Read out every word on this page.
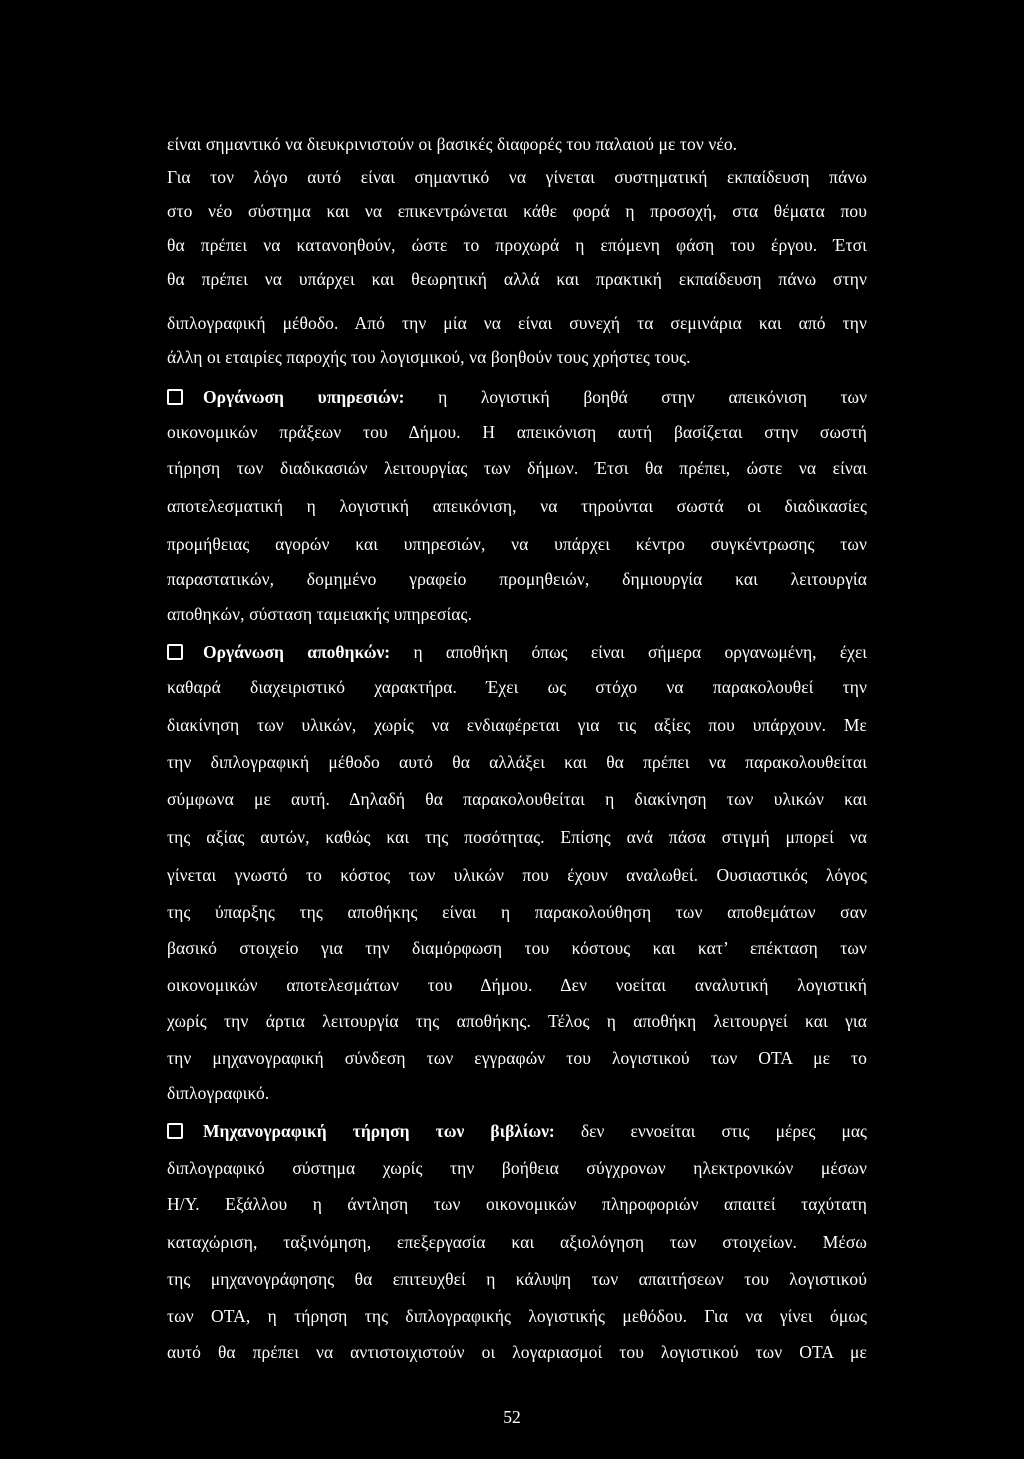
είναι σημαντικό να διευκρινιστούν οι βασικές διαφορές του παλαιού με τον νέο.
Για τον λόγο αυτό είναι σημαντικό να γίνεται συστηματική εκπαίδευση πάνω
στο νέο σύστημα και να επικεντρώνεται κάθε φορά η προσοχή, στα θέματα που
θα πρέπει να κατανοηθούν, ώστε το προχωρά η επόμενη φάση του έργου. Έτσι
θα πρέπει να υπάρχει και θεωρητική αλλά και πρακτική εκπαίδευση πάνω στην
διπλογραφική μέθοδο. Από την μία να είναι συνεχή τα σεμινάρια και από την
άλλη οι εταιρίες παροχής του λογισμικού, να βοηθούν τους χρήστες τους.
Οργάνωση υπηρεσιών: η λογιστική βοηθά στην απεικόνιση των
οικονομικών πράξεων του Δήμου. Η απεικόνιση αυτή βασίζεται στην σωστή
τήρηση των διαδικασιών λειτουργίας των δήμων. Έτσι θα πρέπει, ώστε να είναι
αποτελεσματική η λογιστική απεικόνιση, να τηρούνται σωστά οι διαδικασίες
προμήθειας αγορών και υπηρεσιών, να υπάρχει κέντρο συγκέντρωσης των
παραστατικών, δομημένο γραφείο προμηθειών, δημιουργία και λειτουργία
αποθηκών, σύσταση ταμειακής υπηρεσίας.
Οργάνωση αποθηκών: η αποθήκη όπως είναι σήμερα οργανωμένη, έχει
καθαρά διαχειριστικό χαρακτήρα. Έχει ως στόχο να παρακολουθεί την
διακίνηση των υλικών, χωρίς να ενδιαφέρεται για τις αξίες που υπάρχουν. Με
την διπλογραφική μέθοδο αυτό θα αλλάξει και θα πρέπει να παρακολουθείται
σύμφωνα με αυτή. Δηλαδή θα παρακολουθείται η διακίνηση των υλικών και
της αξίας αυτών, καθώς και της ποσότητας. Επίσης ανά πάσα στιγμή μπορεί να
γίνεται γνωστό το κόστος των υλικών που έχουν αναλωθεί. Ουσιαστικός λόγος
της ύπαρξης της αποθήκης είναι η παρακολούθηση των αποθεμάτων σαν
βασικό στοιχείο για την διαμόρφωση του κόστους και κατ’ επέκταση των
οικονομικών αποτελεσμάτων του Δήμου. Δεν νοείται αναλυτική λογιστική
χωρίς την άρτια λειτουργία της αποθήκης. Τέλος η αποθήκη λειτουργεί και για
την μηχανογραφική σύνδεση των εγγραφών του λογιστικού των ΟΤΑ με το
διπλογραφικό.
Μηχανογραφική τήρηση των βιβλίων: δεν εννοείται στις μέρες μας
διπλογραφικό σύστημα χωρίς την βοήθεια σύγχρονων ηλεκτρονικών μέσων
Η/Υ. Εξάλλου η άντληση των οικονομικών πληροφοριών απαιτεί ταχύτατη
καταχώριση, ταξινόμηση, επεξεργασία και αξιολόγηση των στοιχείων. Μέσω
της μηχανογράφησης θα επιτευχθεί η κάλυψη των απαιτήσεων του λογιστικού
των ΟΤΑ, η τήρηση της διπλογραφικής λογιστικής μεθόδου. Για να γίνει όμως
αυτό θα πρέπει να αντιστοιχιστούν οι λογαριασμοί του λογιστικού των ΟΤΑ με
52
